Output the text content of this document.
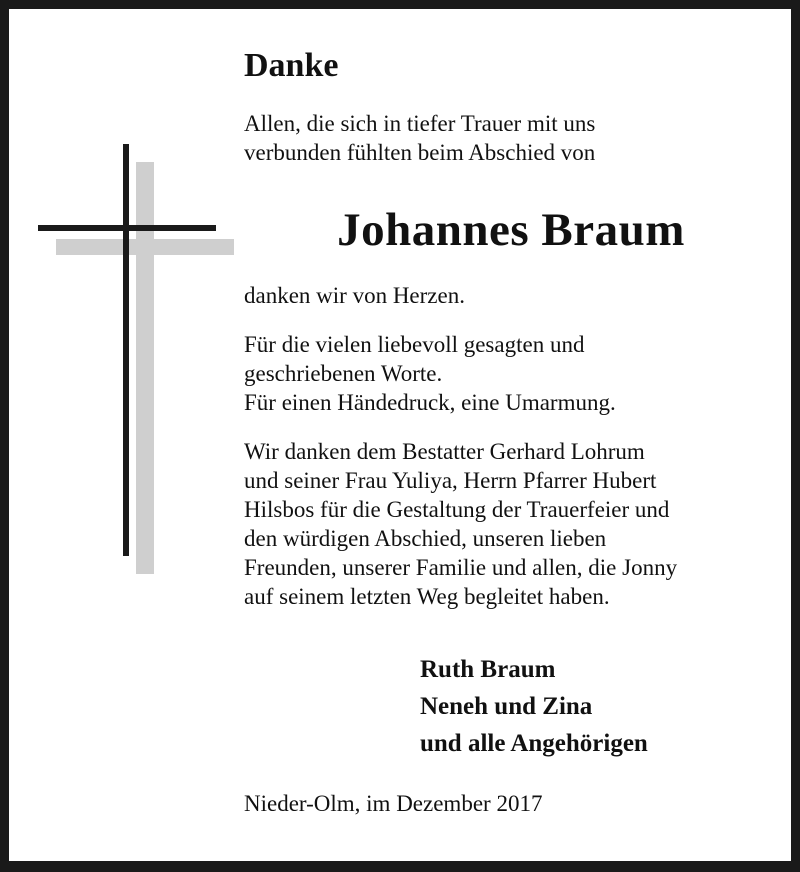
Danke

Allen, die sich in tiefer Trauer mit uns
verbunden fühlten beim Abschied von

Johannes Braum

danken wir von Herzen.

Für die vielen liebevoll gesagten und
geschriebenen Worte.
Für einen Händedruck, eine Umarmung.

Wir danken dem Bestatter Gerhard Lohrum
und seiner Frau Yuliya, Herrn Pfarrer Hubert
Hilsbos für die Gestaltung der Trauerfeier und
den würdigen Abschied, unseren lieben
Freunden, unserer Familie und allen, die Jonny
auf seinem letzten Weg begleitet haben.

Ruth Braum
Neneh und Zina
und alle Angehörigen

Nieder-Olm, im Dezember 2017
